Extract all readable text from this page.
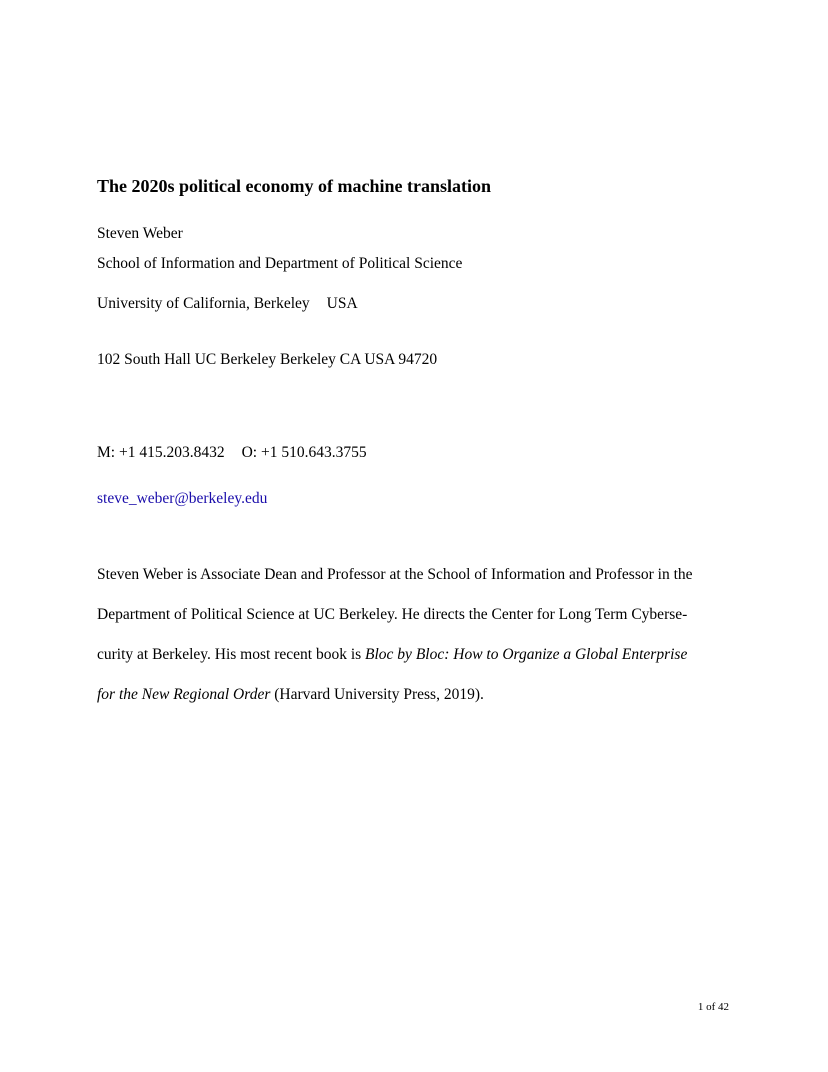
The 2020s political economy of machine translation
Steven Weber
School of Information and Department of Political Science
University of California, Berkeley USA
102 South Hall UC Berkeley Berkeley CA USA 94720
M: +1 415.203.8432 O: +1 510.643.3755
steve_weber@berkeley.edu
Steven Weber is Associate Dean and Professor at the School of Information and Professor in the
Department of Political Science at UC Berkeley. He directs the Center for Long Term Cyberse-
curity at Berkeley. His most recent book is Bloc by Bloc: How to Organize a Global Enterprise
for the New Regional Order (Harvard University Press, 2019).
1 of 42
